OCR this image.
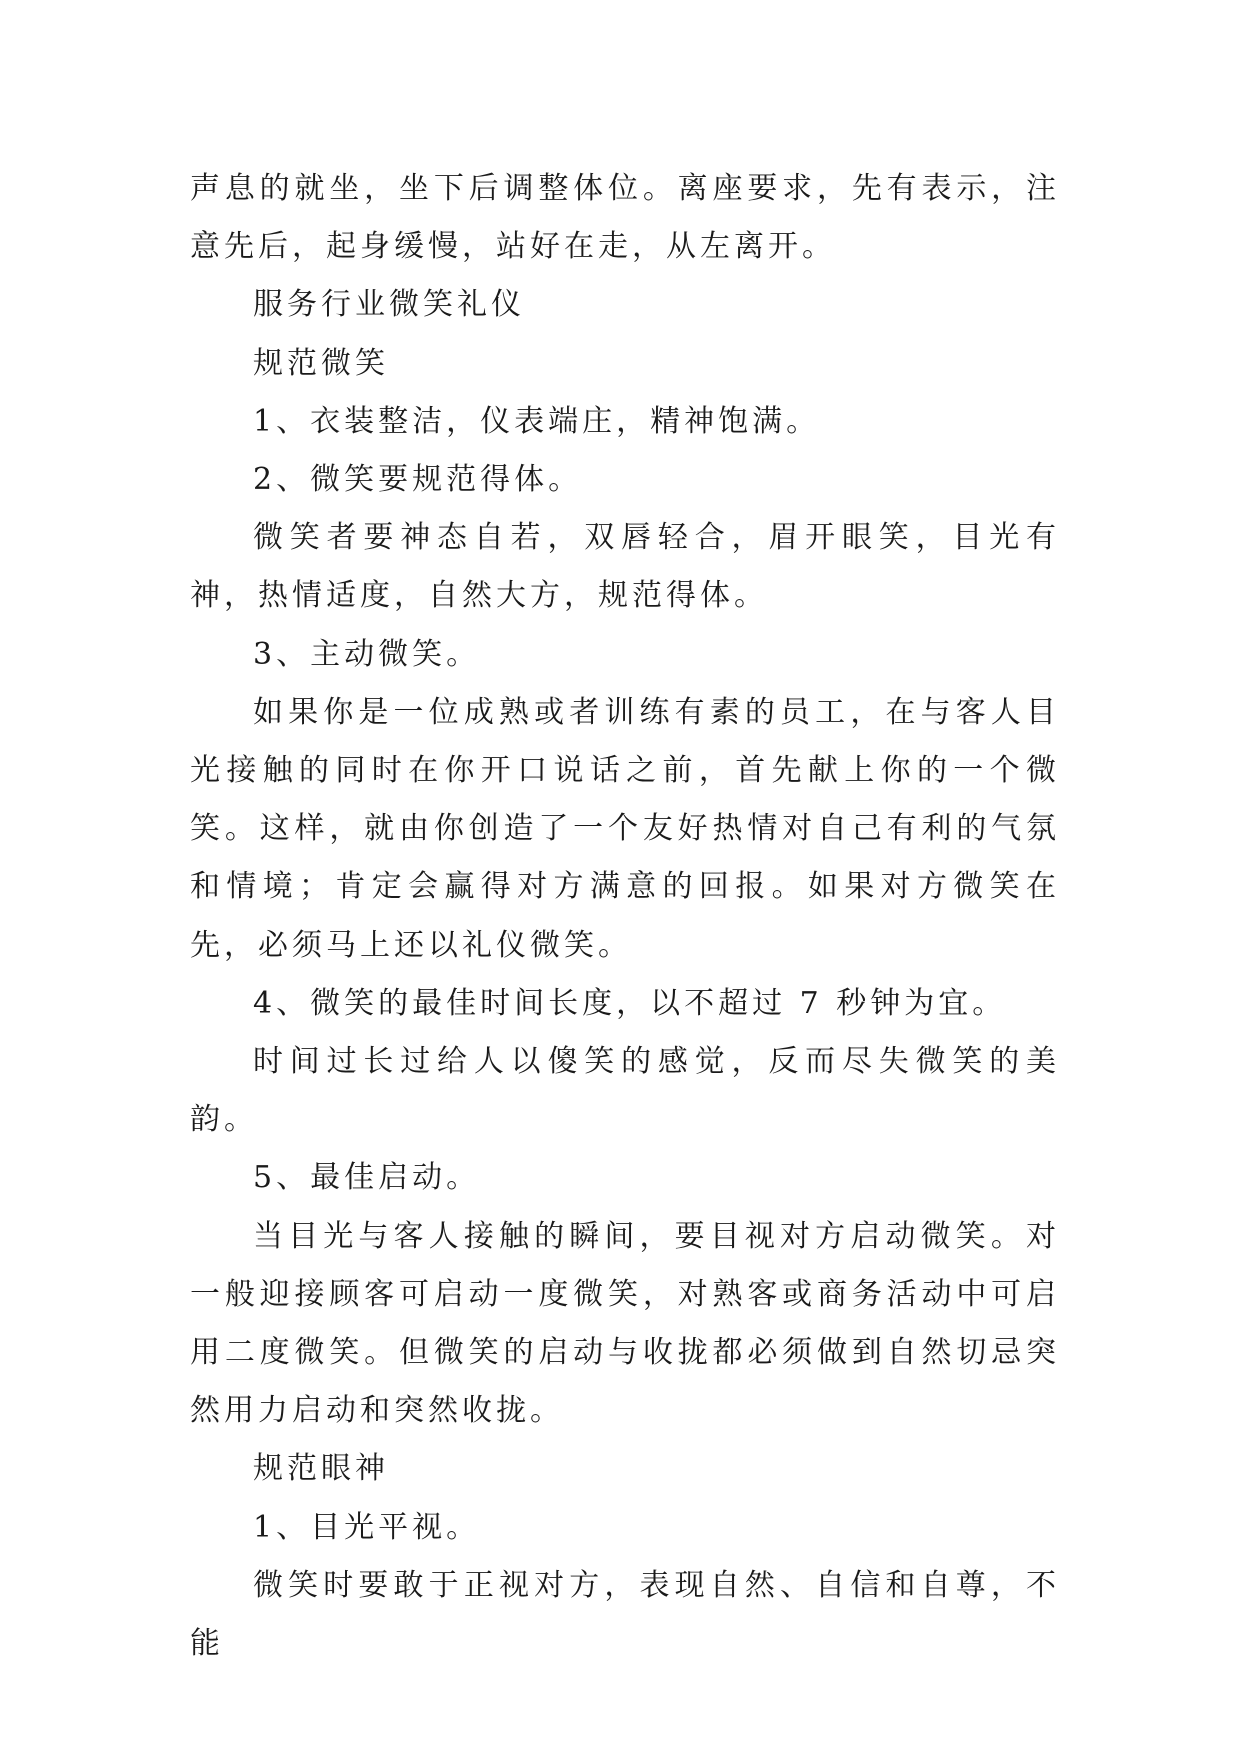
声息的就坐，坐下后调整体位。离座要求，先有表示，注意先后，起身缓慢，站好在走，从左离开。

服务行业微笑礼仪

规范微笑

1、衣装整洁，仪表端庄，精神饱满。

2、微笑要规范得体。

微笑者要神态自若，双唇轻合，眉开眼笑，目光有神，热情适度，自然大方，规范得体。

3、主动微笑。

如果你是一位成熟或者训练有素的员工，在与客人目光接触的同时在你开口说话之前，首先献上你的一个微笑。这样，就由你创造了一个友好热情对自己有利的气氛和情境；肯定会赢得对方满意的回报。如果对方微笑在先，必须马上还以礼仪微笑。

4、微笑的最佳时间长度，以不超过 7 秒钟为宜。

时间过长过给人以傻笑的感觉，反而尽失微笑的美韵。

5、最佳启动。

当目光与客人接触的瞬间，要目视对方启动微笑。对一般迎接顾客可启动一度微笑，对熟客或商务活动中可启用二度微笑。但微笑的启动与收拢都必须做到自然切忌突然用力启动和突然收拢。

规范眼神

1、目光平视。

微笑时要敢于正视对方，表现自然、自信和自尊，不能
